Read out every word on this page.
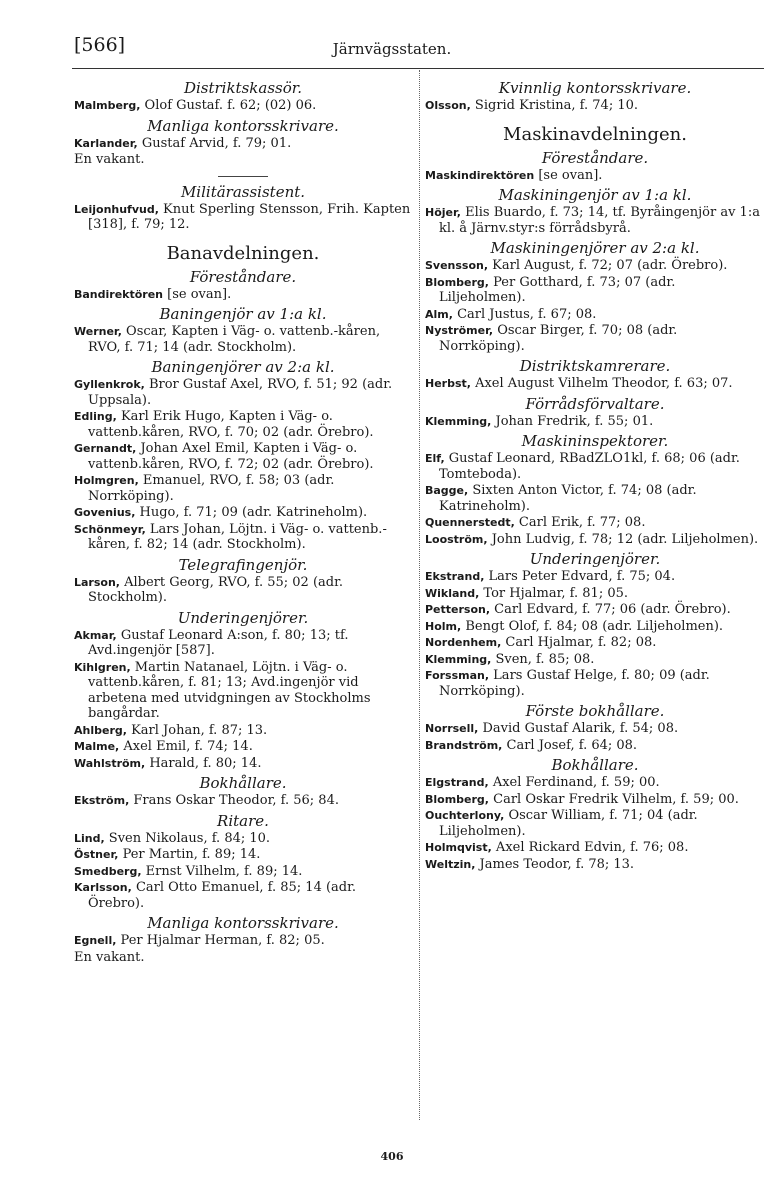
[566]	Järnvägsstaten.
Distriktskassör.
Malmberg, Olof Gustaf. f. 62; (02) 06.
Manliga kontorsskrivare.
Karlander, Gustaf Arvid, f. 79; 01.
En vakant.
Militärassistent.
Leijonhufvud, Knut Sperling Stensson, Frih. Kapten [318], f. 79; 12.
Banavdelningen.
Föreståndare.
Bandirektören [se ovan].
Baningenjör av 1:a kl.
Werner, Oscar, Kapten i Väg- o. vattenb.-kåren, RVO, f. 71; 14 (adr. Stockholm).
Baningenjörer av 2:a kl.
Gyllenkrok, Bror Gustaf Axel, RVO, f. 51; 92 (adr. Uppsala).
Edling, Karl Erik Hugo, Kapten i Väg- o. vattenb.kåren, RVO, f. 70; 02 (adr. Örebro).
Gernandt, Johan Axel Emil, Kapten i Väg- o. vattenb.kåren, RVO, f. 72; 02 (adr. Örebro).
Holmgren, Emanuel, RVO, f. 58; 03 (adr. Norrköping).
Govenius, Hugo, f. 71; 09 (adr. Katrineholm).
Schönmeyr, Lars Johan, Löjtn. i Väg- o. vattenb.-kåren, f. 82; 14 (adr. Stockholm).
Telegrafingenjör.
Larson, Albert Georg, RVO, f. 55; 02 (adr. Stockholm).
Underingenjörer.
Akmar, Gustaf Leonard A:son, f. 80; 13; tf. Avd.ingenjör [587].
Kihlgren, Martin Natanael, Löjtn. i Väg- o. vattenb.kåren, f. 81; 13; Avd.ingenjör vid arbetena med utvidgningen av Stockholms bangårdar.
Ahlberg, Karl Johan, f. 87; 13.
Malme, Axel Emil, f. 74; 14.
Wahlström, Harald, f. 80; 14.
Bokhållare.
Ekström, Frans Oskar Theodor, f. 56; 84.
Ritare.
Lind, Sven Nikolaus, f. 84; 10.
Östner, Per Martin, f. 89; 14.
Smedberg, Ernst Vilhelm, f. 89; 14.
Karlsson, Carl Otto Emanuel, f. 85; 14 (adr. Örebro).
Manliga kontorsskrivare.
Egnell, Per Hjalmar Herman, f. 82; 05.
En vakant.
Kvinnlig kontorsskrivare.
Olsson, Sigrid Kristina, f. 74; 10.
Maskinavdelningen.
Föreståndare.
Maskindirektören [se ovan].
Maskiningenjör av 1:a kl.
Höjer, Elis Buardo, f. 73; 14, tf. Byråingenjör av 1:a kl. å Järnv.styr:s förrådsbyrå.
Maskiningenjörer av 2:a kl.
Svensson, Karl August, f. 72; 07 (adr. Örebro).
Blomberg, Per Gotthard, f. 73; 07 (adr. Liljeholmen).
Alm, Carl Justus, f. 67; 08.
Nyströmer, Oscar Birger, f. 70; 08 (adr. Norrköping).
Distriktskamrerare.
Herbst, Axel August Vilhelm Theodor, f. 63; 07.
Förrådsförvaltare.
Klemming, Johan Fredrik, f. 55; 01.
Maskininspektorer.
Elf, Gustaf Leonard, RBadZLO1kl, f. 68; 06 (adr. Tomteboda).
Bagge, Sixten Anton Victor, f. 74; 08 (adr. Katrineholm).
Quennerstedt, Carl Erik, f. 77; 08.
Looström, John Ludvig, f. 78; 12 (adr. Liljeholmen).
Underingenjörer.
Ekstrand, Lars Peter Edvard, f. 75; 04.
Wikland, Tor Hjalmar, f. 81; 05.
Petterson, Carl Edvard, f. 77; 06 (adr. Örebro).
Holm, Bengt Olof, f. 84; 08 (adr. Liljeholmen).
Nordenhem, Carl Hjalmar, f. 82; 08.
Klemming, Sven, f. 85; 08.
Forssman, Lars Gustaf Helge, f. 80; 09 (adr. Norrköping).
Förste bokhållare.
Norrsell, David Gustaf Alarik, f. 54; 08.
Brandström, Carl Josef, f. 64; 08.
Bokhållare.
Elgstrand, Axel Ferdinand, f. 59; 00.
Blomberg, Carl Oskar Fredrik Vilhelm, f. 59; 00.
Ouchterlony, Oscar William, f. 71; 04 (adr. Liljeholmen).
Holmqvist, Axel Rickard Edvin, f. 76; 08.
Weltzin, James Teodor, f. 78; 13.
406
